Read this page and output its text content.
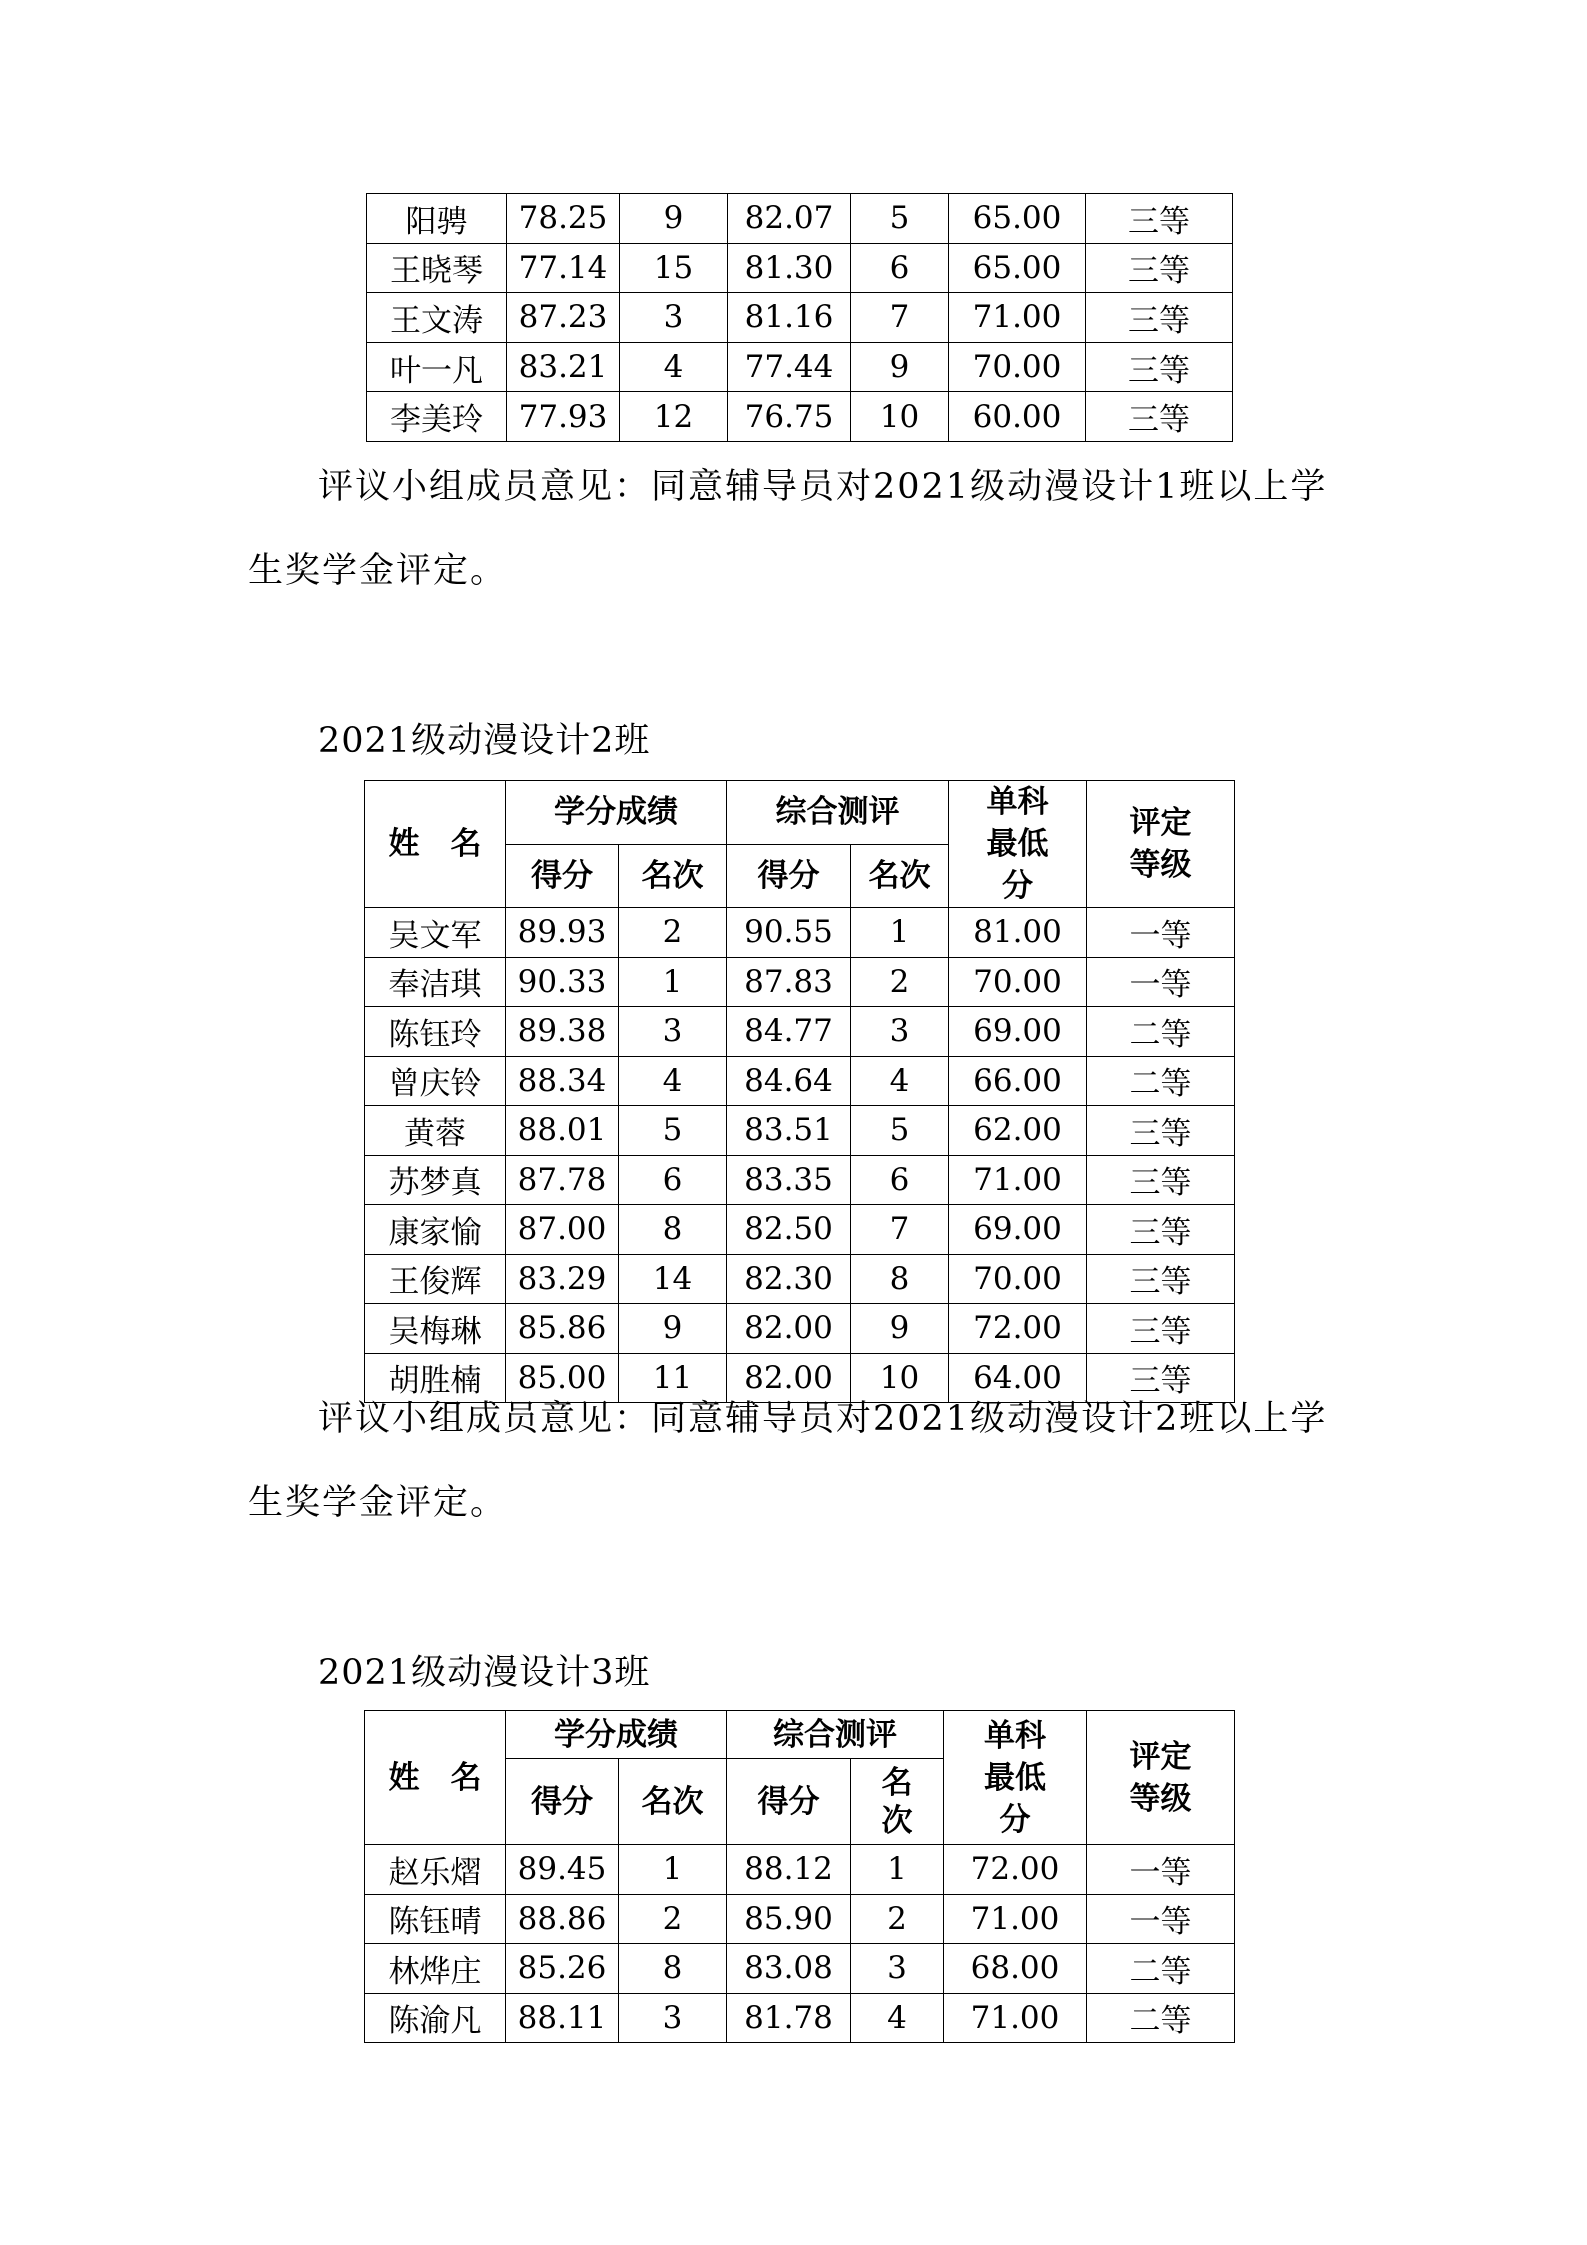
阳骋	78.25	9	82.07	5	65.00	三等
王晓琴	77.14	15	81.30	6	65.00	三等
王文涛	87.23	3	81.16	7	71.00	三等
叶一凡	83.21	4	77.44	9	70.00	三等
李美玲	77.93	12	76.75	10	60.00	三等

评议小组成员意见：同意辅导员对2021级动漫设计1班以上学生奖学金评定。

2021级动漫设计2班
姓　名	学分成绩		综合测评		单科最低分	评定等级
	得分	名次	得分	名次		
吴文军	89.93	2	90.55	1	81.00	一等
奉洁琪	90.33	1	87.83	2	70.00	一等
陈钰玲	89.38	3	84.77	3	69.00	二等
曾庆铃	88.34	4	84.64	4	66.00	二等
黄蓉	88.01	5	83.51	5	62.00	三等
苏梦真	87.78	6	83.35	6	71.00	三等
康家愉	87.00	8	82.50	7	69.00	三等
王俊辉	83.29	14	82.30	8	70.00	三等
吴梅琳	85.86	9	82.00	9	72.00	三等
胡胜楠	85.00	11	82.00	10	64.00	三等

评议小组成员意见：同意辅导员对2021级动漫设计2班以上学生奖学金评定。

2021级动漫设计3班
姓　名	学分成绩		综合测评		单科最低分	评定等级
	得分	名次	得分	名次		
赵乐熠	89.45	1	88.12	1	72.00	一等
陈钰晴	88.86	2	85.90	2	71.00	一等
林烨庄	85.26	8	83.08	3	68.00	二等
陈渝凡	88.11	3	81.78	4	71.00	二等
